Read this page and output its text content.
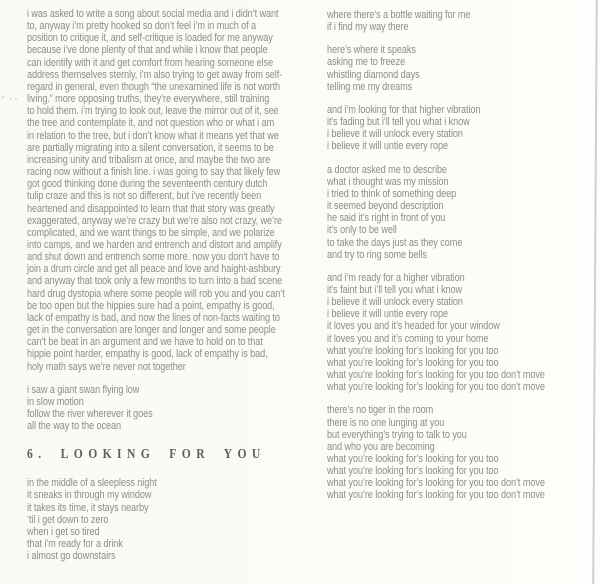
i was asked to write a song about social media and i didn’t want
to, anyway i’m pretty hooked so don’t feel i’m in much of a
position to critique it, and self-critique is loaded for me anyway
because i’ve done plenty of that and while i know that people
can identify with it and get comfort from hearing someone else
address themselves sternly, i’m also trying to get away from self-
regard in general, even though “the unexamined life is not worth
living.” more opposing truths, they’re everywhere, still training
to hold them. i’m trying to look out, leave the mirror out of it, see
the tree and contemplate it, and not question who or what i am
in relation to the tree, but i don’t know what it means yet that we
are partially migrating into a silent conversation, it seems to be
increasing unity and tribalism at once, and maybe the two are
racing now without a finish line. i was going to say that likely few
got good thinking done during the seventeenth century dutch
tulip craze and this is not so different, but i’ve recently been
heartened and disappointed to learn that that story was greatly
exaggerated, anyway we’re crazy but we’re also not crazy, we’re
complicated, and we want things to be simple, and we polarize
into camps, and we harden and entrench and distort and amplify
and shut down and entrench some more. now you don’t have to
join a drum circle and get all peace and love and haight-ashbury
and anyway that took only a few months to turn into a bad scene
hard drug dystopia where some people will rob you and you can’t
be too open but the hippies sure had a point, empathy is good,
lack of empathy is bad, and now the lines of non-facts waiting to
get in the conversation are longer and longer and some people
can’t be beat in an argument and we have to hold on to that
hippie point harder, empathy is good, lack of empathy is bad,
holy math says we’re never not together
i saw a giant swan flying low
in slow motion
follow the river wherever it goes
all the way to the ocean
6. LOOKING FOR YOU
in the middle of a sleepless night
it sneaks in through my window
it takes its time, it stays nearby
’til i get down to zero
when i get so tired
that i’m ready for a drink
i almost go downstairs
where there’s a bottle waiting for me
if i find my way there
here’s where it speaks
asking me to freeze
whistling diamond days
telling me my dreams
and i’m looking for that higher vibration
it’s fading but i’ll tell you what i know
i believe it will unlock every station
i believe it will untie every rope
a doctor asked me to describe
what i thought was my mission
i tried to think of something deep
it seemed beyond description
he said it’s right in front of you
it’s only to be well
to take the days just as they come
and try to ring some bells
and i’m ready for a higher vibration
it’s faint but i’ll tell you what i know
i believe it will unlock every station
i believe it will untie every rope
it loves you and it’s headed for your window
it loves you and it’s coming to your home
what you’re looking for’s looking for you too
what you’re looking for’s looking for you too
what you’re looking for’s looking for you too don’t move
what you’re looking for’s looking for you too don’t move
there’s no tiger in the room
there is no one lunging at you
but everything’s trying to talk to you
and who you are becoming
what you’re looking for’s looking for you too
what you’re looking for’s looking for you too
what you’re looking for’s looking for you too don’t move
what you’re looking for’s looking for you too don’t move
